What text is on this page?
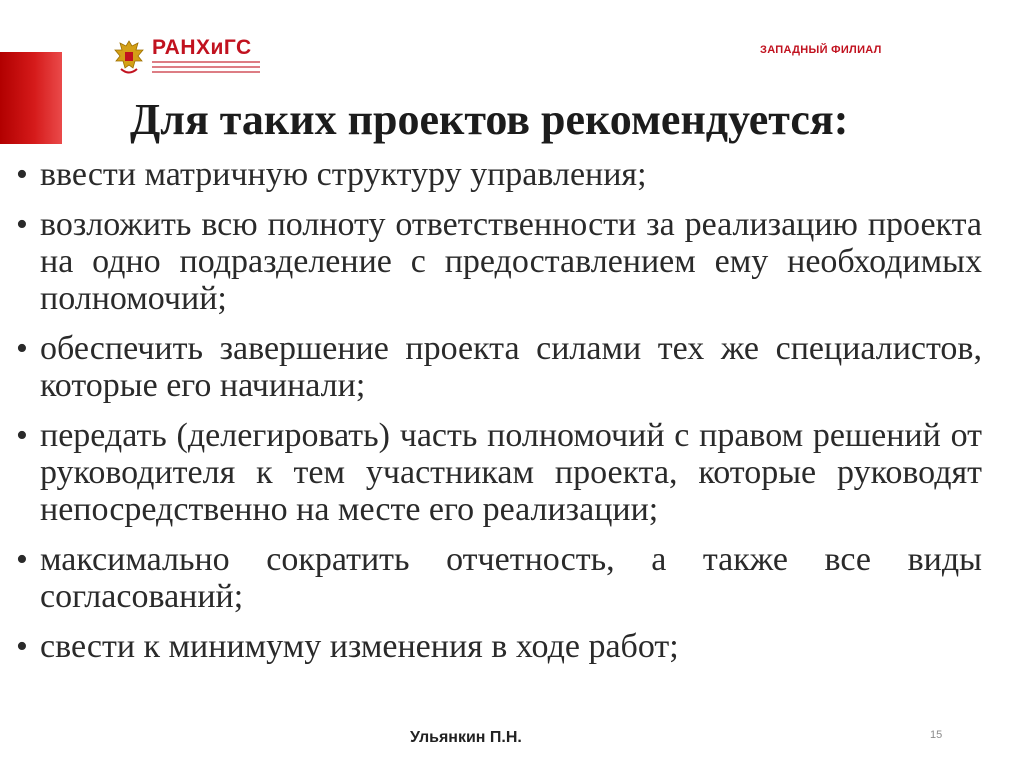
РАНХиГС	ЗАПАДНЫЙ ФИЛИАЛ
Для таких проектов рекомендуется:
• ввести матричную структуру управления;
• возложить всю полноту ответственности за реализацию проекта на одно подразделение с предоставлением ему необходимых полномочий;
• обеспечить завершение проекта силами тех же специалистов, которые его начинали;
• передать (делегировать) часть полномочий с правом решений от руководителя к тем участникам проекта, которые руководят непосредственно на месте его реализации;
• максимально сократить отчетность, а также все виды согласований;
• свести к минимуму изменения в ходе работ;
Ульянкин П.Н.	15
